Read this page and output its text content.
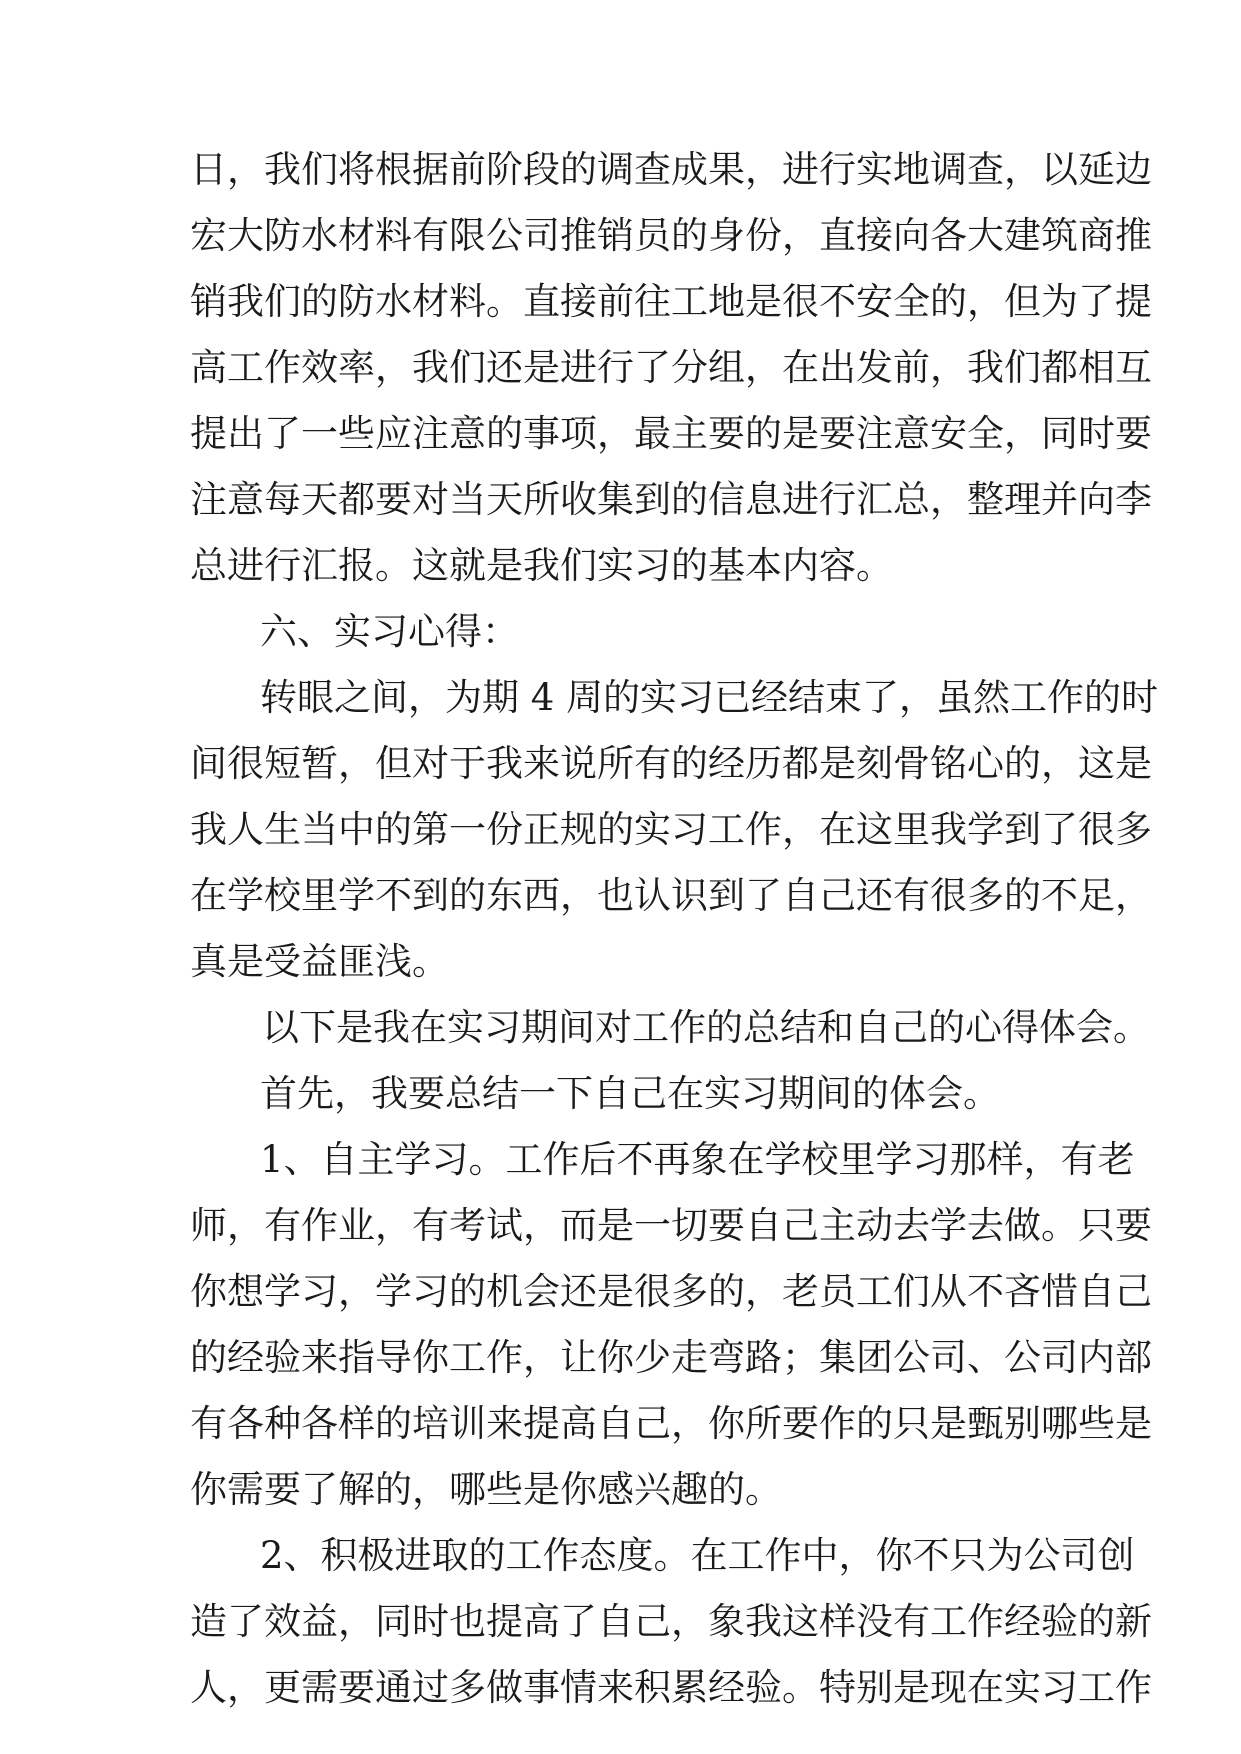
日，我们将根据前阶段的调查成果，进行实地调查，以延边
宏大防水材料有限公司推销员的身份，直接向各大建筑商推
销我们的防水材料。直接前往工地是很不安全的，但为了提
高工作效率，我们还是进行了分组，在出发前，我们都相互
提出了一些应注意的事项，最主要的是要注意安全，同时要
注意每天都要对当天所收集到的信息进行汇总，整理并向李
总进行汇报。这就是我们实习的基本内容。
六、实习心得：
转眼之间，为期 4 周的实习已经结束了，虽然工作的时
间很短暂，但对于我来说所有的经历都是刻骨铭心的，这是
我人生当中的第一份正规的实习工作，在这里我学到了很多
在学校里学不到的东西，也认识到了自己还有很多的不足，
真是受益匪浅。
以下是我在实习期间对工作的总结和自己的心得体会。
首先，我要总结一下自己在实习期间的体会。
1、自主学习。工作后不再象在学校里学习那样，有老
师，有作业，有考试，而是一切要自己主动去学去做。只要
你想学习，学习的机会还是很多的，老员工们从不吝惜自己
的经验来指导你工作，让你少走弯路；集团公司、公司内部
有各种各样的培训来提高自己，你所要作的只是甄别哪些是
你需要了解的，哪些是你感兴趣的。
2、积极进取的工作态度。在工作中，你不只为公司创
造了效益，同时也提高了自己，象我这样没有工作经验的新
人，更需要通过多做事情来积累经验。特别是现在实习工作
